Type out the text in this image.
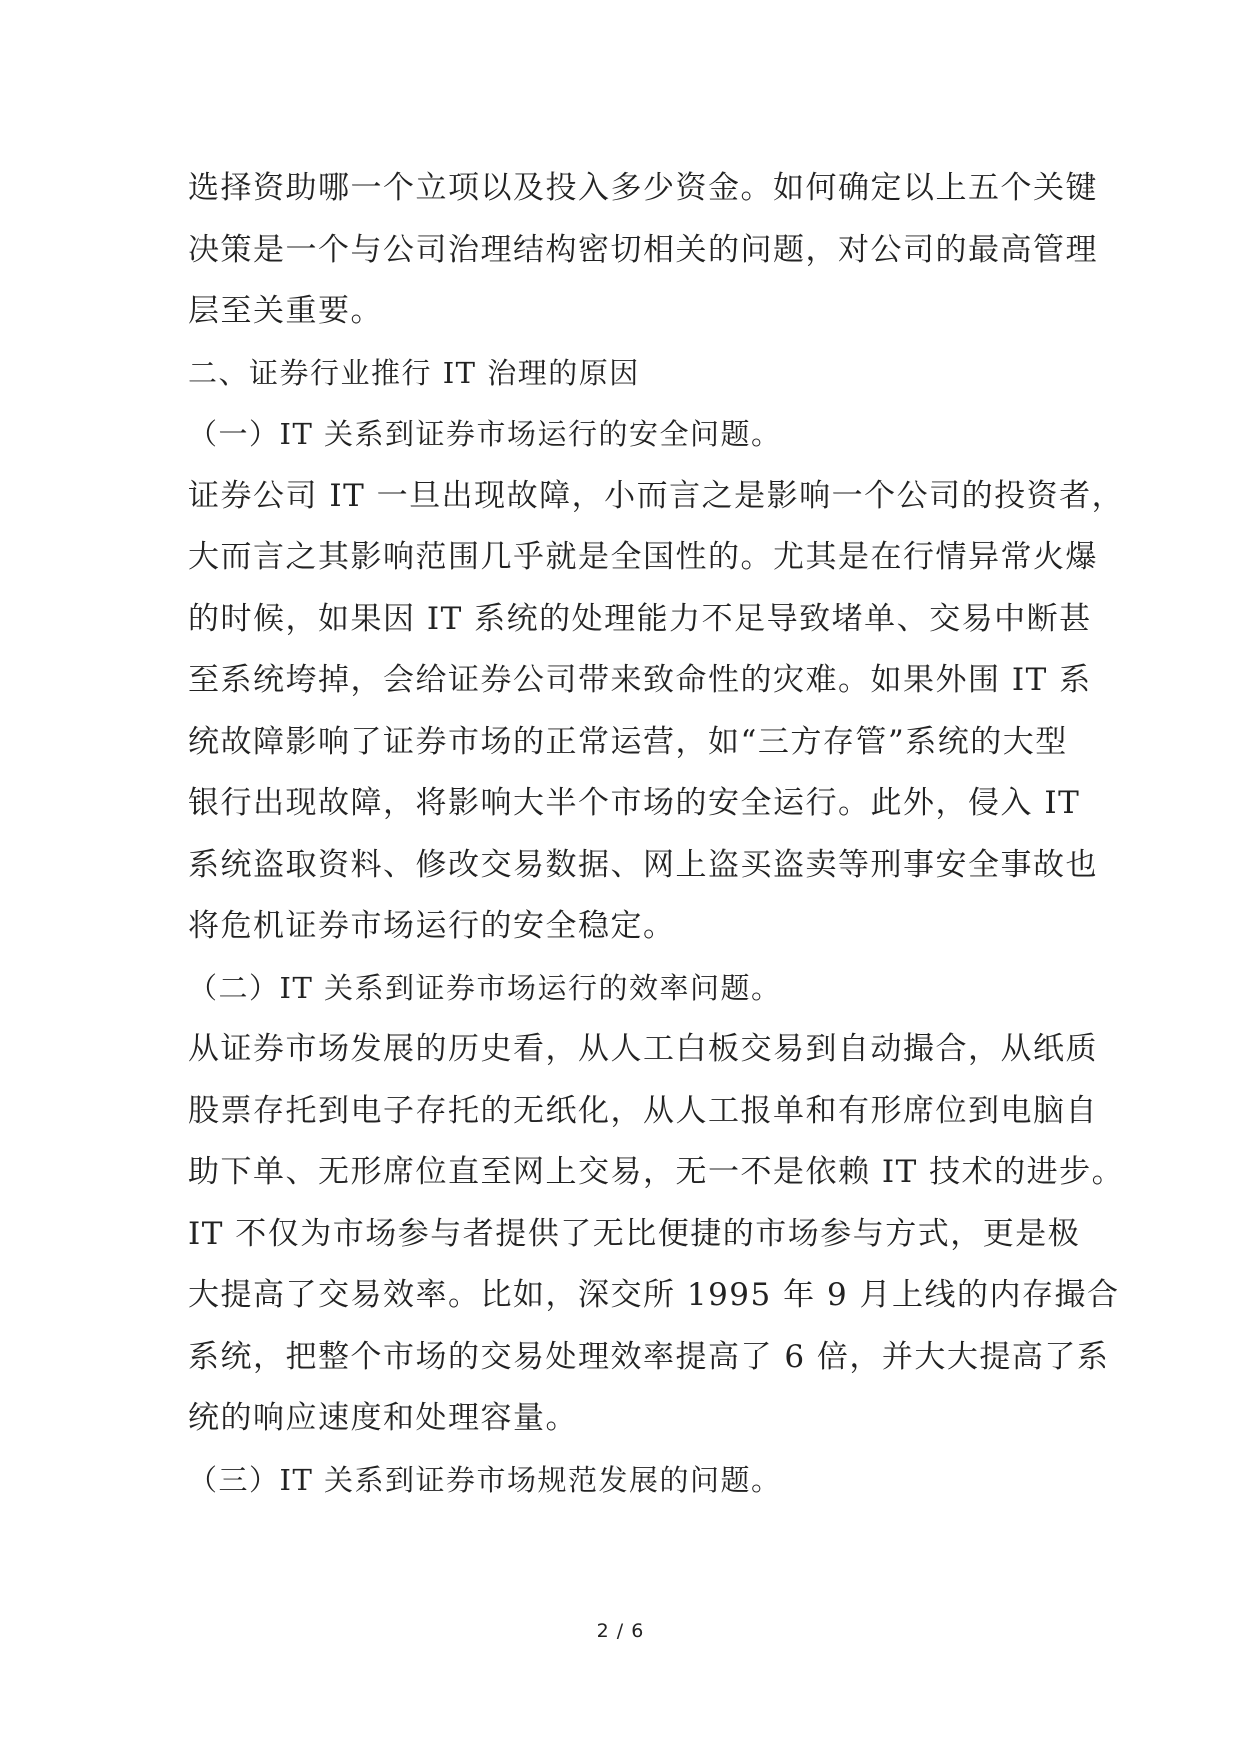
选择资助哪一个立项以及投入多少资金。如何确定以上五个关键

决策是一个与公司治理结构密切相关的问题，对公司的最高管理

层至关重要。

二、证券行业推行 IT 治理的原因

（一）IT 关系到证券市场运行的安全问题。

证券公司 IT 一旦出现故障，小而言之是影响一个公司的投资者，

大而言之其影响范围几乎就是全国性的。尤其是在行情异常火爆

的时候，如果因 IT 系统的处理能力不足导致堵单、交易中断甚

至系统垮掉，会给证券公司带来致命性的灾难。如果外围 IT 系

统故障影响了证券市场的正常运营，如“三方存管”系统的大型

银行出现故障，将影响大半个市场的安全运行。此外，侵入 IT

系统盗取资料、修改交易数据、网上盗买盗卖等刑事安全事故也

将危机证券市场运行的安全稳定。

（二）IT 关系到证券市场运行的效率问题。

从证券市场发展的历史看，从人工白板交易到自动撮合，从纸质

股票存托到电子存托的无纸化，从人工报单和有形席位到电脑自

助下单、无形席位直至网上交易，无一不是依赖 IT 技术的进步。

IT 不仅为市场参与者提供了无比便捷的市场参与方式，更是极

大提高了交易效率。比如，深交所 1995 年 9 月上线的内存撮合

系统，把整个市场的交易处理效率提高了 6 倍，并大大提高了系

统的响应速度和处理容量。

（三）IT 关系到证券市场规范发展的问题。

2 / 6
